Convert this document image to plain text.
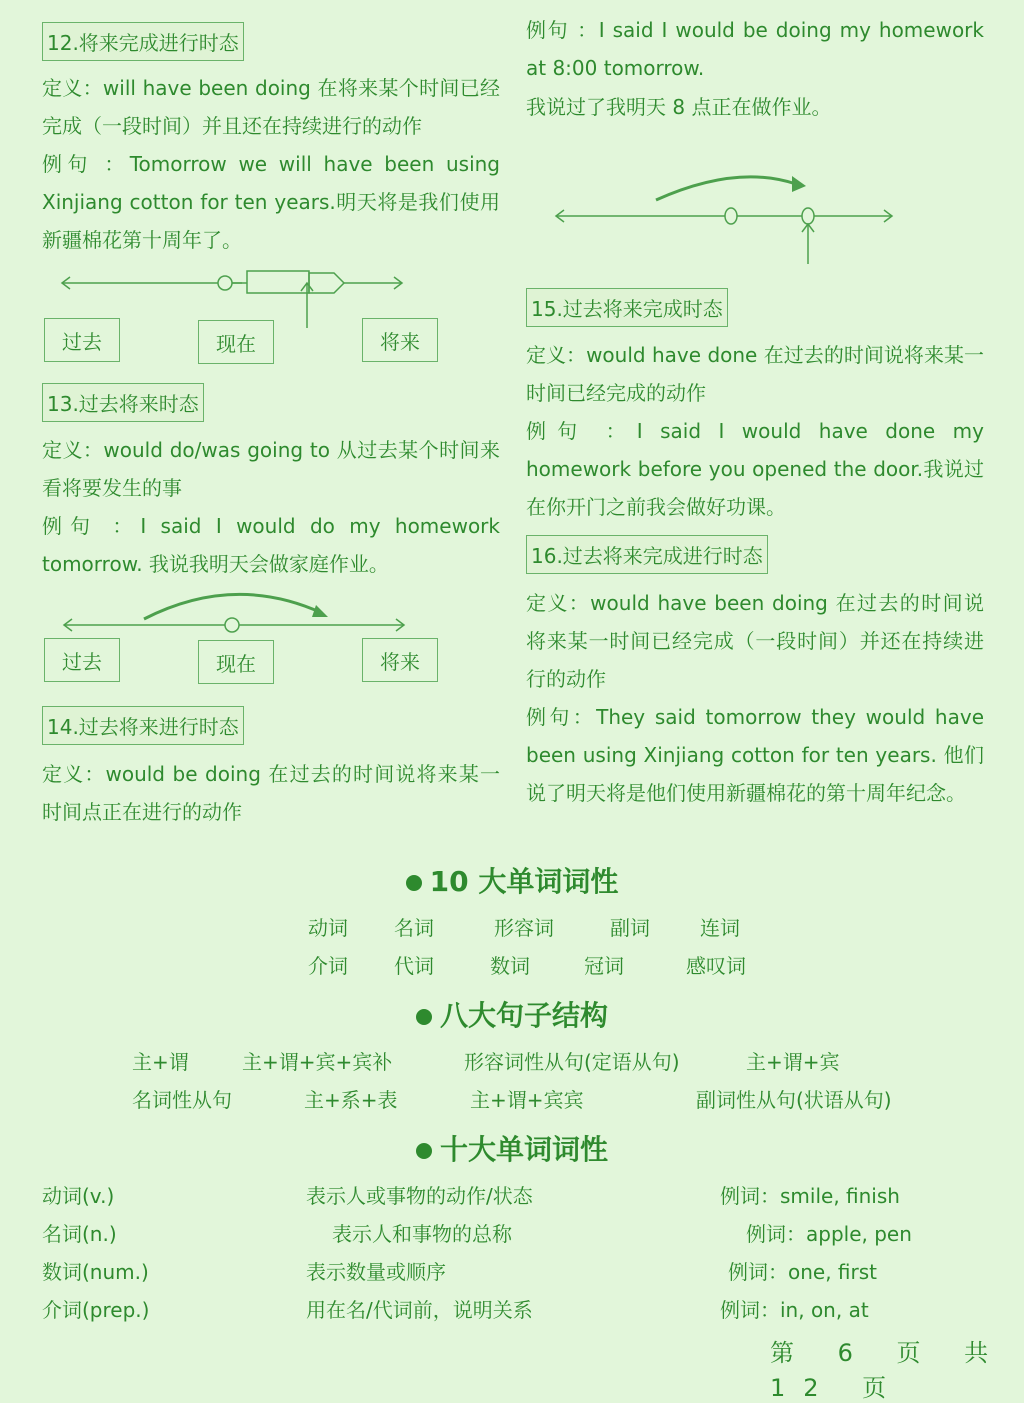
12.将来完成进行时态
定义：will have been doing 在将来某个时间已经完成（一段时间）并且还在持续进行的动作
例句 ：Tomorrow we will have been using Xinjiang cotton for ten years.明天将是我们使用新疆棉花第十周年了。
过去	现在	将来
13.过去将来时态
定义：would do/was going to 从过去某个时间来看将要发生的事
例句 ：I said I would do my homework tomorrow. 我说我明天会做家庭作业。
过去	现在	将来
14.过去将来进行时态
定义：would be doing 在过去的时间说将来某一时间点正在进行的动作
例句 ：I said I would be doing my homework at 8:00 tomorrow.
我说过了我明天 8 点正在做作业。
15.过去将来完成时态
定义：would have done 在过去的时间说将来某一时间已经完成的动作
例句 ：I said I would have done my homework before you opened the door.我说过在你开门之前我会做好功课。
16.过去将来完成进行时态
定义：would have been doing 在过去的时间说将来某一时间已经完成（一段时间）并还在持续进行的动作
例句：They said tomorrow they would have been using Xinjiang cotton for ten years. 他们说了明天将是他们使用新疆棉花的第十周年纪念。
10 大单词词性
动词 名词	形容词	副词	连词
介词 代词	数词	冠词	感叹词
八大句子结构
主+谓	主+谓+宾+宾补	形容词性从句(定语从句)	主+谓+宾
名词性从句	主+系+表	主+谓+宾宾	副词性从句(状语从句)
十大单词词性
动词(v.)	表示人或事物的动作/状态	例词：smile, finish
名词(n.)	表示人和事物的总称	例词：apple, pen
数词(num.)	表示数量或顺序	例词：one, first
介词(prep.)	用在名/代词前，说明关系	例词：in, on, at
第 6 页 共 12 页
